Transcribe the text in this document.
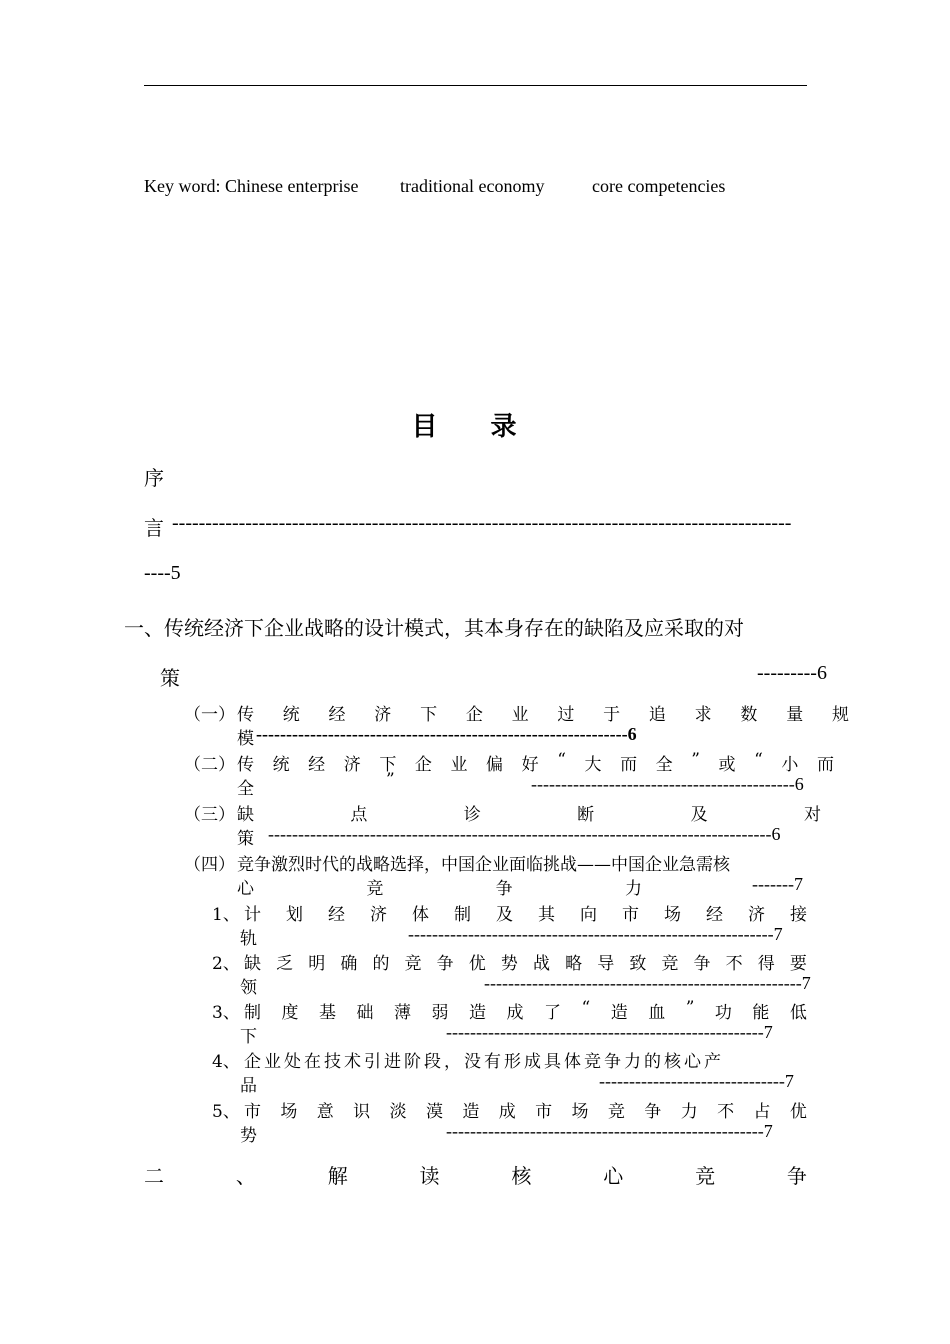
Key word: Chinese enterprise traditional economy	core competencies
目 录
序
言 ---------------------------------------------------------------------------------------------
----5
一、传统经济下企业战略的设计模式，其本身存在的缺陷及应采取的对
策	---------6
（一） 传 统 经 济 下 企 业 过 于 追 求 数 量 规
模 --------------------------------------------------------------6
（二） 传 统 经 济 下 企 业 偏 好 “ 大 而 全 ” 或 “ 小 而
全	”	--------------------------------------------6
（三） 缺	点	诊	断	及	对
策 ------------------------------------------------------------------------------------6
（四） 竞争激烈时代的战略选择，中国企业面临挑战——中国企业急需核
心	竞	争	力	-------7
1、 计 划 经 济 体 制 及 其 向 市 场 经 济 接
轨	-------------------------------------------------------------7
2、 缺 乏 明 确 的 竞 争 优 势 战 略 导 致 竞 争 不 得 要
领	-----------------------------------------------------7
3、 制 度 基 础 薄 弱 造 成 了 “ 造 血 ” 功 能 低
下	-----------------------------------------------------7
4、 企业处在技术引进阶段，没有形成具体竞争力的核心产
品	-------------------------------7
5、 市 场 意 识 淡 漠 造 成 市 场 竞 争 力 不 占 优
势	-----------------------------------------------------7
二	、	解	读	核	心	竞	争
